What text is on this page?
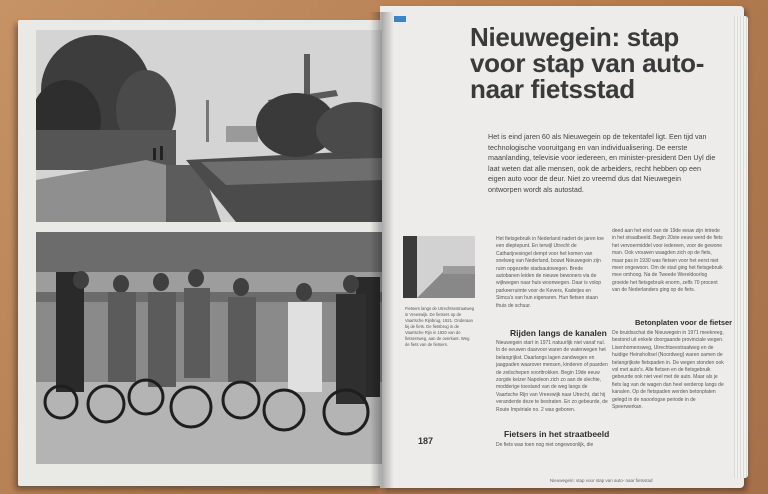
Nieuwegein: stap voor stap van auto-naar fietsstad
Het is eind jaren 60 als Nieuwegein op de tekentafel ligt. Een tijd van technologische vooruitgang en van individualisering. De eerste maanlanding, televisie voor iedereen, en minister-president Den Uyl die laat weten dat alle mensen, ook de arbeiders, recht hebben op een eigen auto voor de deur. Niet zo vreemd dus dat Nieuwegein ontworpen wordt als autostad.
Fietsers langs de Utrechtsestraatweg in Vreeswijk. De fietsers op de Vaartsche Rijnbrug, 1921. Onderaan bij de fiets. De fietsbrug in de Vaartsche Rijn in 1920 van de fietsersweg, aan de overkant. Weg de fiets van de fietsers.

Het fietsgebruik in Nederland nadert de jaren toe een dieptepunt. En terwijl Utrecht de Catharijnesingel dempt voor het komen van snelweg van Nederland, bouwt Nieuwegein zijn ruim opgezette stadsautowegen. Brede autobanen leiden de nieuwe bewoners via de wijkwegen naar huis woonwegen. Daar is volop parkeerruimte voor de Kevers, Kadetjes en Simca's van hun eigenaren. Hun fietsen staan thuis de schuur.

Rijden langs de kanalen

Nieuwegein start in 1971 natuurlijk niet vanaf nul. In de eeuwen daarvoor waren de waterwegen het belangrijkst. Daarlangs lagen zandwegen en jaagpaden waarover mensen, kinderen of paarden de zeilschepen voorttrokken. Begin 19de eeuw zorgde keizer Napoleon zich zo aan de slechte, modderige toestand van de weg langs de Vaartsche Rijn van Vreeswijk naar Utrecht, dat hij veranderde deze te bestraten. En zo gebeurde, de Route Impériale no. 2 was geboren.

Fietsers in het straatbeeld

De fiets was toen nog niet ongewoonlijk, die

deed aan het eind van de 19de eeuw zijn intrede in het straatbeeld. Begin 20ste eeuw werd de fiets het vervoermiddel voor iedereen, voor de gewone man. Ook vrouwen waagden zich op de fiets, maar pas in 1930 was fietsen voor het eerst niet meer ongewoon. Om de stad ging het fietsgebruik mee omhoog. Na de Tweede Wereldoorlog groeide het fietsgebruik enorm, zelfs 70 procent van de Nederlanders ging op de fiets.

Betonplaten voor de fietser

De bruidsschat die Nieuwegein in 1971 meekreeg, bestond uit enkele doorgaande provinciale wegen. Lisenhomensweg, Utrechtseestraatweg en de huidige Heinsholtsel (Noordweg) waren samen de belangrijkste fietspaden in. De wegen stonden ook vol met auto's. Alle fietsen en de fietsgebruik gebeurde ook niet veel met de auto. Maar als je fiets lag van de wagen dan heel verderop langs de kanalen. Op de fietspaden werden betonplaten gelegd in de naoorlogse periode in de Speerwerkan.

187
Nieuwegein: stap voor stap van auto- naar fietsstad
